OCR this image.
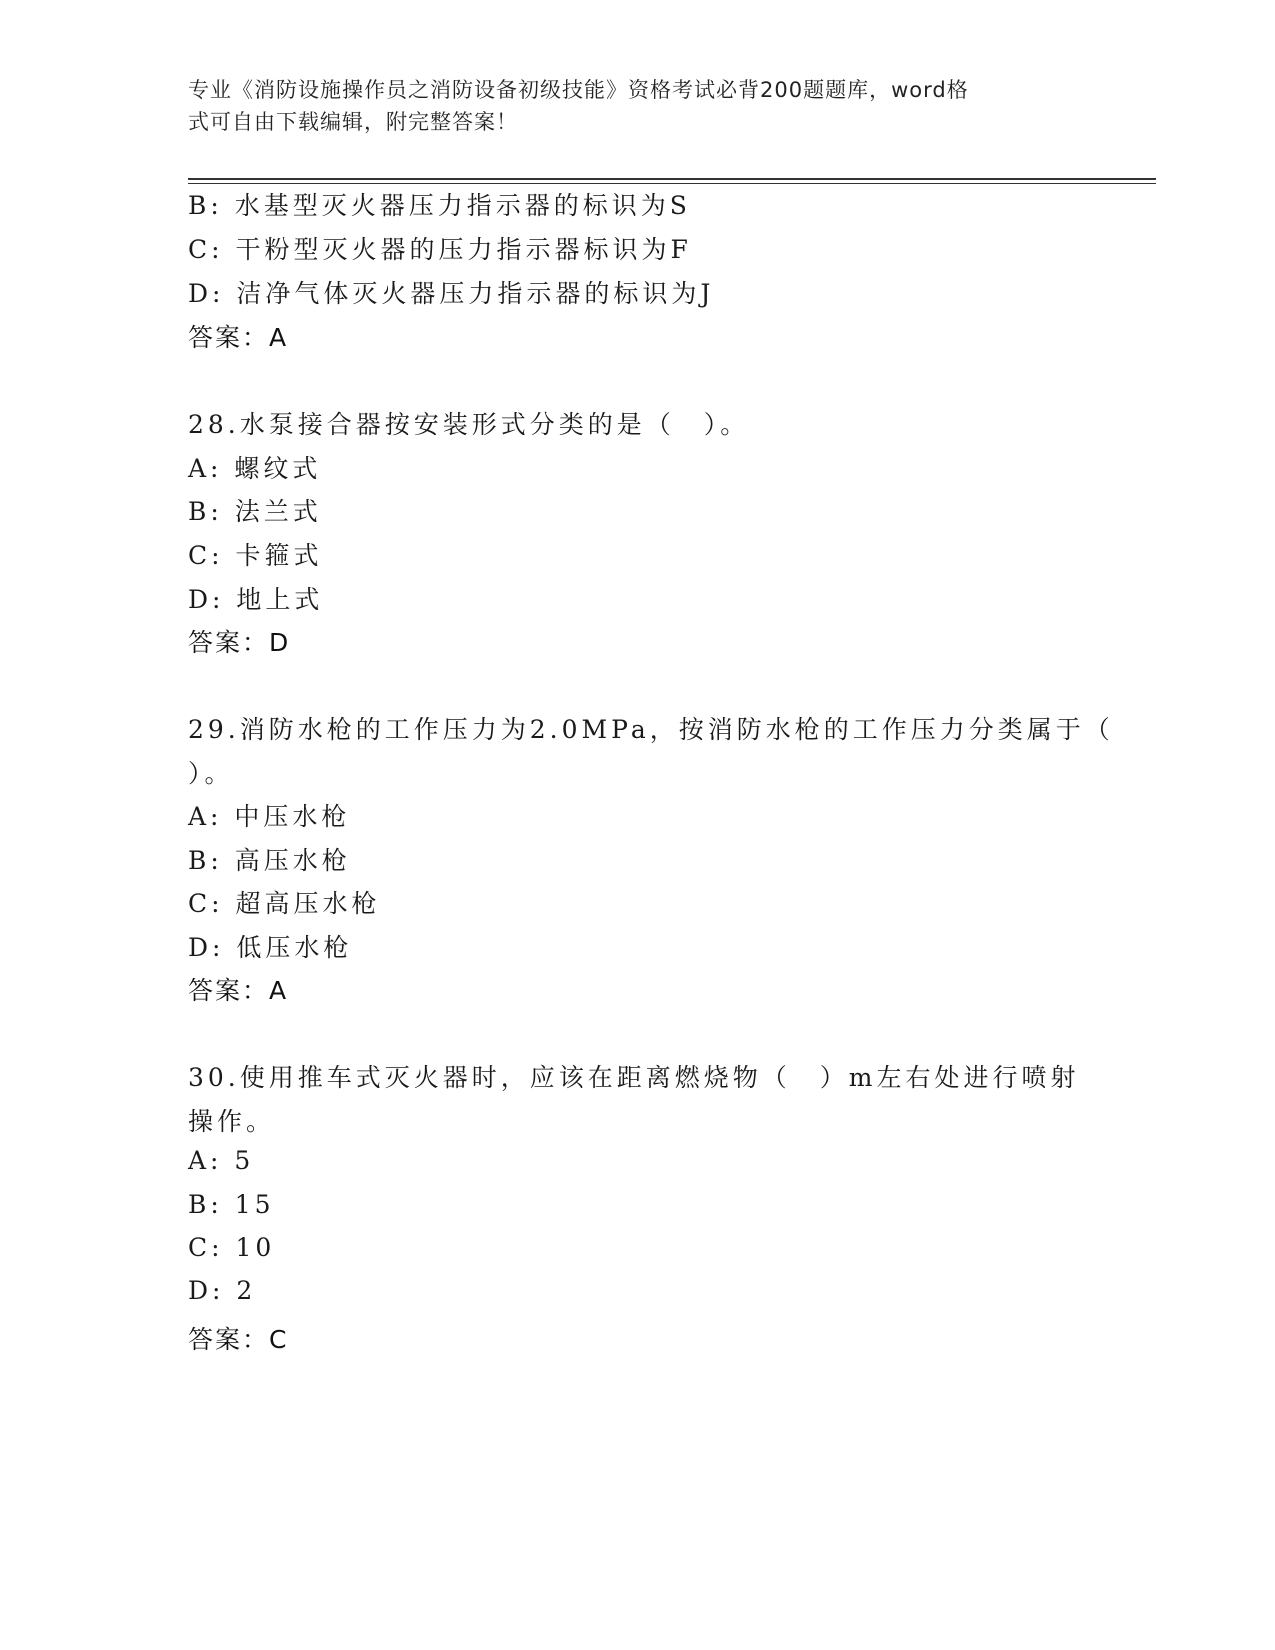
专业《消防设施操作员之消防设备初级技能》资格考试必背200题题库，word格
式可自由下载编辑，附完整答案！
B: 水基型灭火器压力指示器的标识为S
C: 干粉型灭火器的压力指示器标识为F
D: 洁净气体灭火器压力指示器的标识为J
答案：A
28.水泵接合器按安装形式分类的是（　）。
A: 螺纹式
B: 法兰式
C: 卡箍式
D: 地上式
答案：D
29.消防水枪的工作压力为2.0MPa，按消防水枪的工作压力分类属于（
）。
A: 中压水枪
B: 高压水枪
C: 超高压水枪
D: 低压水枪
答案：A
30.使用推车式灭火器时，应该在距离燃烧物（　）m左右处进行喷射
操作。
A: 5
B: 15
C: 10
D: 2
答案：C
